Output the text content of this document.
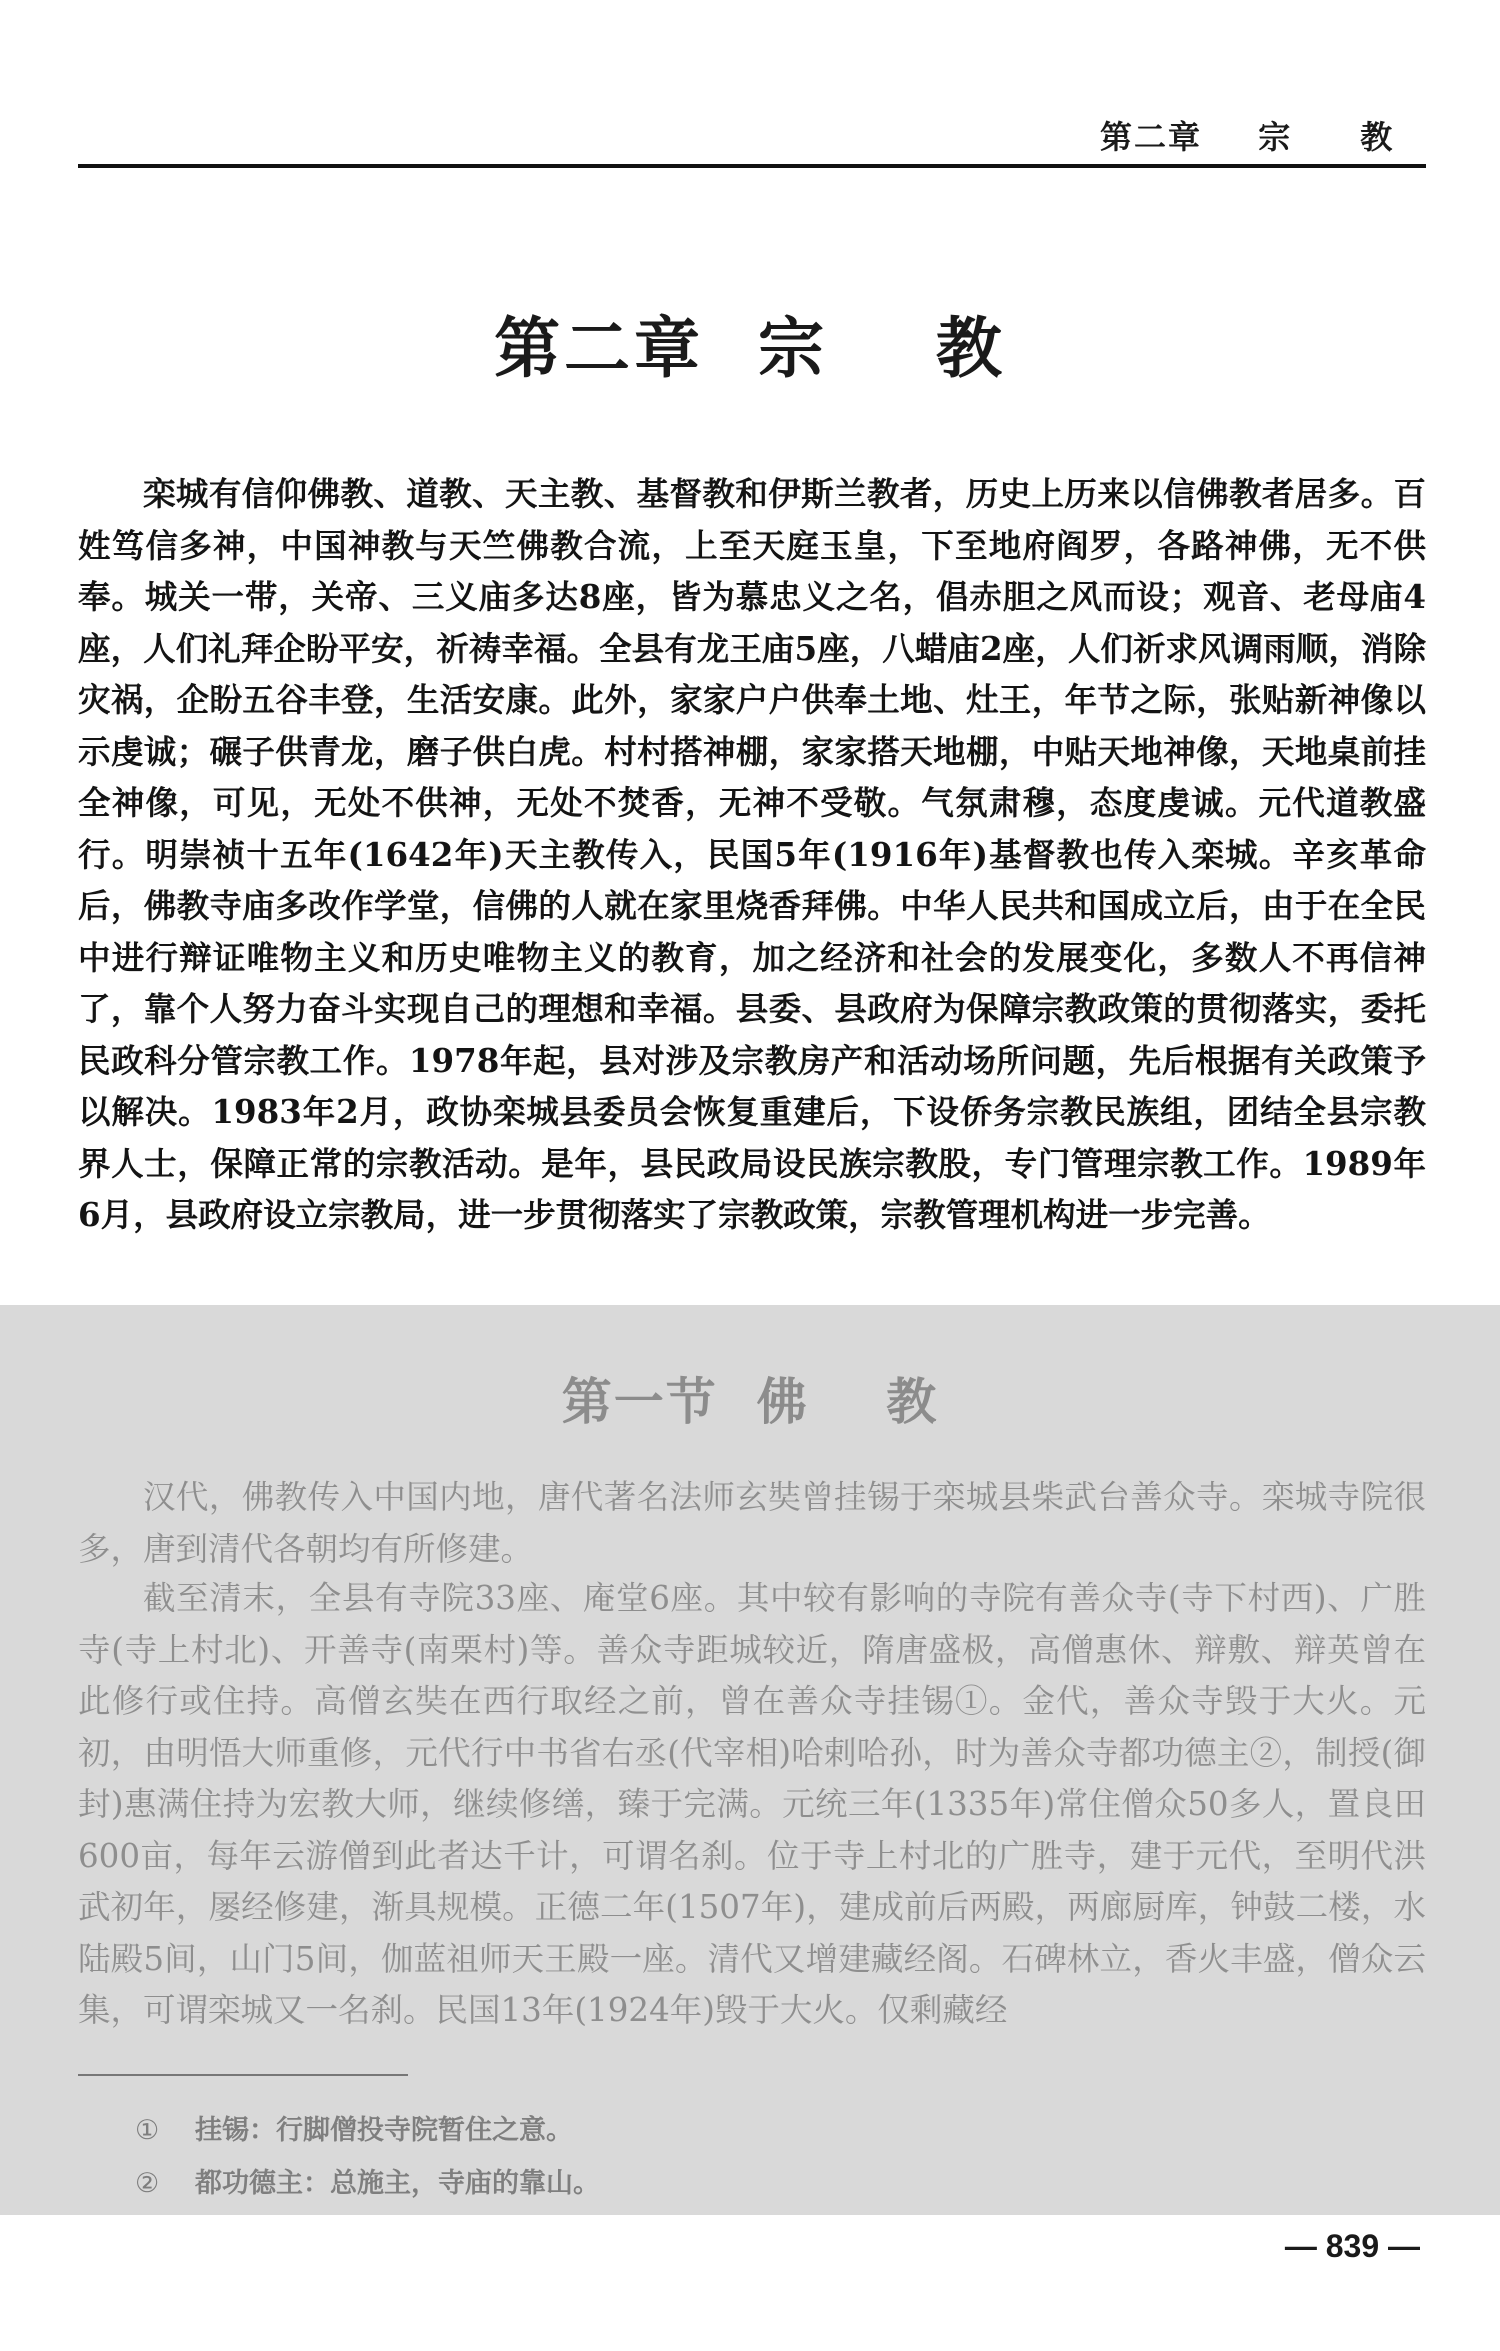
第二章 宗　　教
第二章  宗    教
栾城有信仰佛教、道教、天主教、基督教和伊斯兰教者，历史上历来以信佛教者居多。百姓笃信多神，中国神教与天竺佛教合流，上至天庭玉皇，下至地府阎罗，各路神佛，无不供奉。城关一带，关帝、三义庙多达8座，皆为慕忠义之名，倡赤胆之风而设；观音、老母庙4座，人们礼拜企盼平安，祈祷幸福。全县有龙王庙5座，八蜡庙2座，人们祈求风调雨顺，消除灾祸，企盼五谷丰登，生活安康。此外，家家户户供奉土地、灶王，年节之际，张贴新神像以示虔诚；碾子供青龙，磨子供白虎。村村搭神棚，家家搭天地棚，中贴天地神像，天地桌前挂全神像，可见，无处不供神，无处不焚香，无神不受敬。气氛肃穆，态度虔诚。元代道教盛行。明崇祯十五年(1642年)天主教传入，民国5年(1916年)基督教也传入栾城。辛亥革命后，佛教寺庙多改作学堂，信佛的人就在家里烧香拜佛。中华人民共和国成立后，由于在全民中进行辩证唯物主义和历史唯物主义的教育，加之经济和社会的发展变化，多数人不再信神了，靠个人努力奋斗实现自己的理想和幸福。县委、县政府为保障宗教政策的贯彻落实，委托民政科分管宗教工作。1978年起，县对涉及宗教房产和活动场所问题，先后根据有关政策予以解决。1983年2月，政协栾城县委员会恢复重建后，下设侨务宗教民族组，团结全县宗教界人士，保障正常的宗教活动。是年，县民政局设民族宗教股，专门管理宗教工作。1989年6月，县政府设立宗教局，进一步贯彻落实了宗教政策，宗教管理机构进一步完善。
第一节  佛    教
汉代，佛教传入中国内地，唐代著名法师玄奘曾挂锡于栾城县柴武台善众寺。栾城寺院很多，唐到清代各朝均有所修建。
截至清末，全县有寺院33座、庵堂6座。其中较有影响的寺院有善众寺(寺下村西)、广胜寺(寺上村北)、开善寺(南栗村)等。善众寺距城较近，隋唐盛极，高僧惠休、辩敷、辩英曾在此修行或住持。高僧玄奘在西行取经之前，曾在善众寺挂锡①。金代，善众寺毁于大火。元初，由明悟大师重修，元代行中书省右丞(代宰相)哈剌哈孙，时为善众寺都功德主②，制授(御封)惠满住持为宏教大师，继续修缮，臻于完满。元统三年(1335年)常住僧众50多人，置良田600亩，每年云游僧到此者达千计，可谓名刹。位于寺上村北的广胜寺，建于元代，至明代洪武初年，屡经修建，渐具规模。正德二年(1507年)，建成前后两殿，两廊厨库，钟鼓二楼，水陆殿5间，山门5间，伽蓝祖师天王殿一座。清代又增建藏经阁。石碑林立，香火丰盛，僧众云集，可谓栾城又一名刹。民国13年(1924年)毁于大火。仅剩藏经
① 挂锡：行脚僧投寺院暂住之意。
② 都功德主：总施主，寺庙的靠山。
— 839 —
